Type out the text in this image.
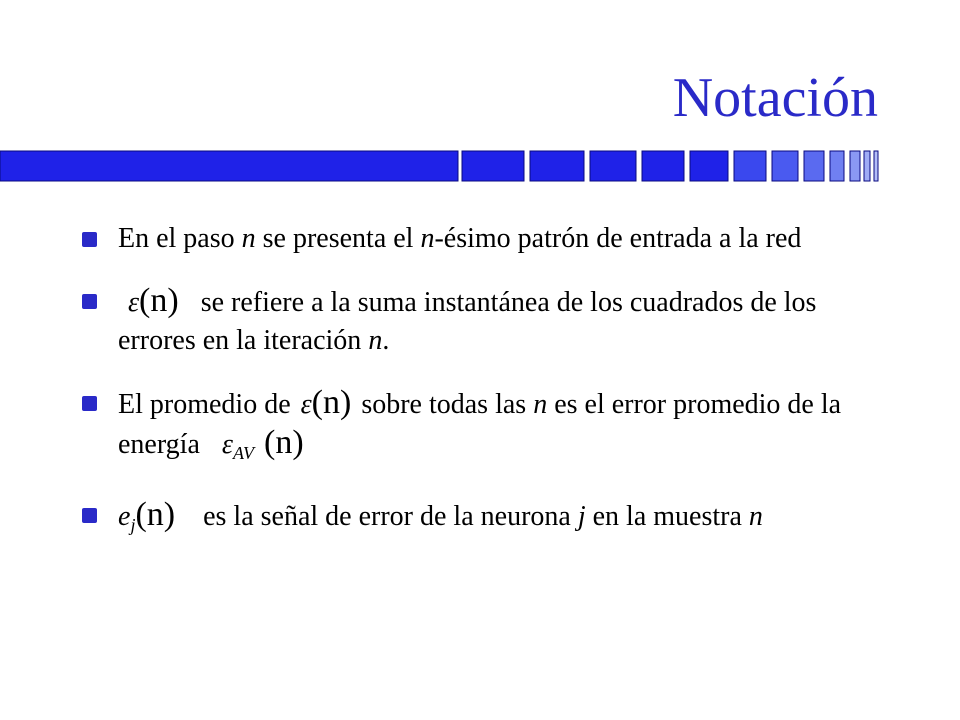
Notación
En el paso n se presenta el n-ésimo patrón de entrada a la red
ε(n) se refiere a la suma instantánea de los cuadrados de los errores en la iteración n.
El promedio de ε(n) sobre todas las n es el error promedio de la energía $\varepsilon_{AV}$ (n)
$e_j(n)$ es la señal de error de la neurona j en la muestra n
